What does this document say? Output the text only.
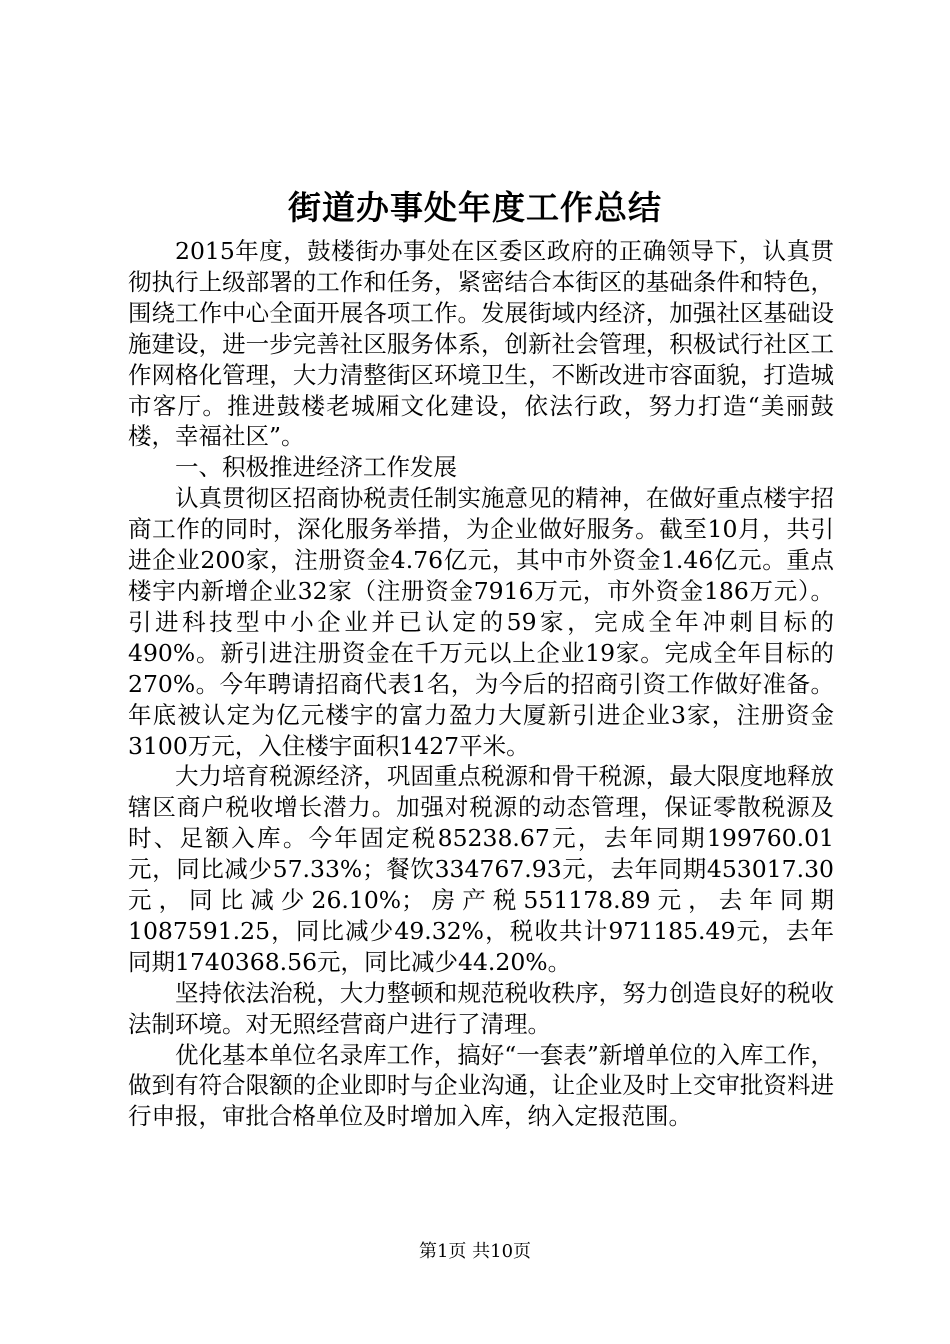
街道办事处年度工作总结

2015年度，鼓楼街办事处在区委区政府的正确领导下，认真贯彻执行上级部署的工作和任务，紧密结合本街区的基础条件和特色，围绕工作中心全面开展各项工作。发展街域内经济，加强社区基础设施建设，进一步完善社区服务体系，创新社会管理，积极试行社区工作网格化管理，大力清整街区环境卫生，不断改进市容面貌，打造城市客厅。推进鼓楼老城厢文化建设，依法行政，努力打造“美丽鼓楼，幸福社区”。

一、积极推进经济工作发展

认真贯彻区招商协税责任制实施意见的精神，在做好重点楼宇招商工作的同时，深化服务举措，为企业做好服务。截至10月，共引进企业200家，注册资金4.76亿元，其中市外资金1.46亿元。重点楼宇内新增企业32家（注册资金7916万元，市外资金186万元）。引进科技型中小企业并已认定的59家，完成全年冲刺目标的490%。新引进注册资金在千万元以上企业19家。完成全年目标的270%。今年聘请招商代表1名，为今后的招商引资工作做好准备。年底被认定为亿元楼宇的富力盈力大厦新引进企业3家，注册资金3100万元，入住楼宇面积1427平米。

大力培育税源经济，巩固重点税源和骨干税源，最大限度地释放辖区商户税收增长潜力。加强对税源的动态管理，保证零散税源及时、足额入库。今年固定税85238.67元，去年同期199760.01元，同比减少57.33%；餐饮334767.93元，去年同期453017.30元，同比减少26.10%；房产税551178.89元，去年同期1087591.25，同比减少49.32%，税收共计971185.49元，去年同期1740368.56元，同比减少44.20%。

坚持依法治税，大力整顿和规范税收秩序，努力创造良好的税收法制环境。对无照经营商户进行了清理。

优化基本单位名录库工作，搞好“一套表”新增单位的入库工作，做到有符合限额的企业即时与企业沟通，让企业及时上交审批资料进行申报，审批合格单位及时增加入库，纳入定报范围。

第1页 共10页
